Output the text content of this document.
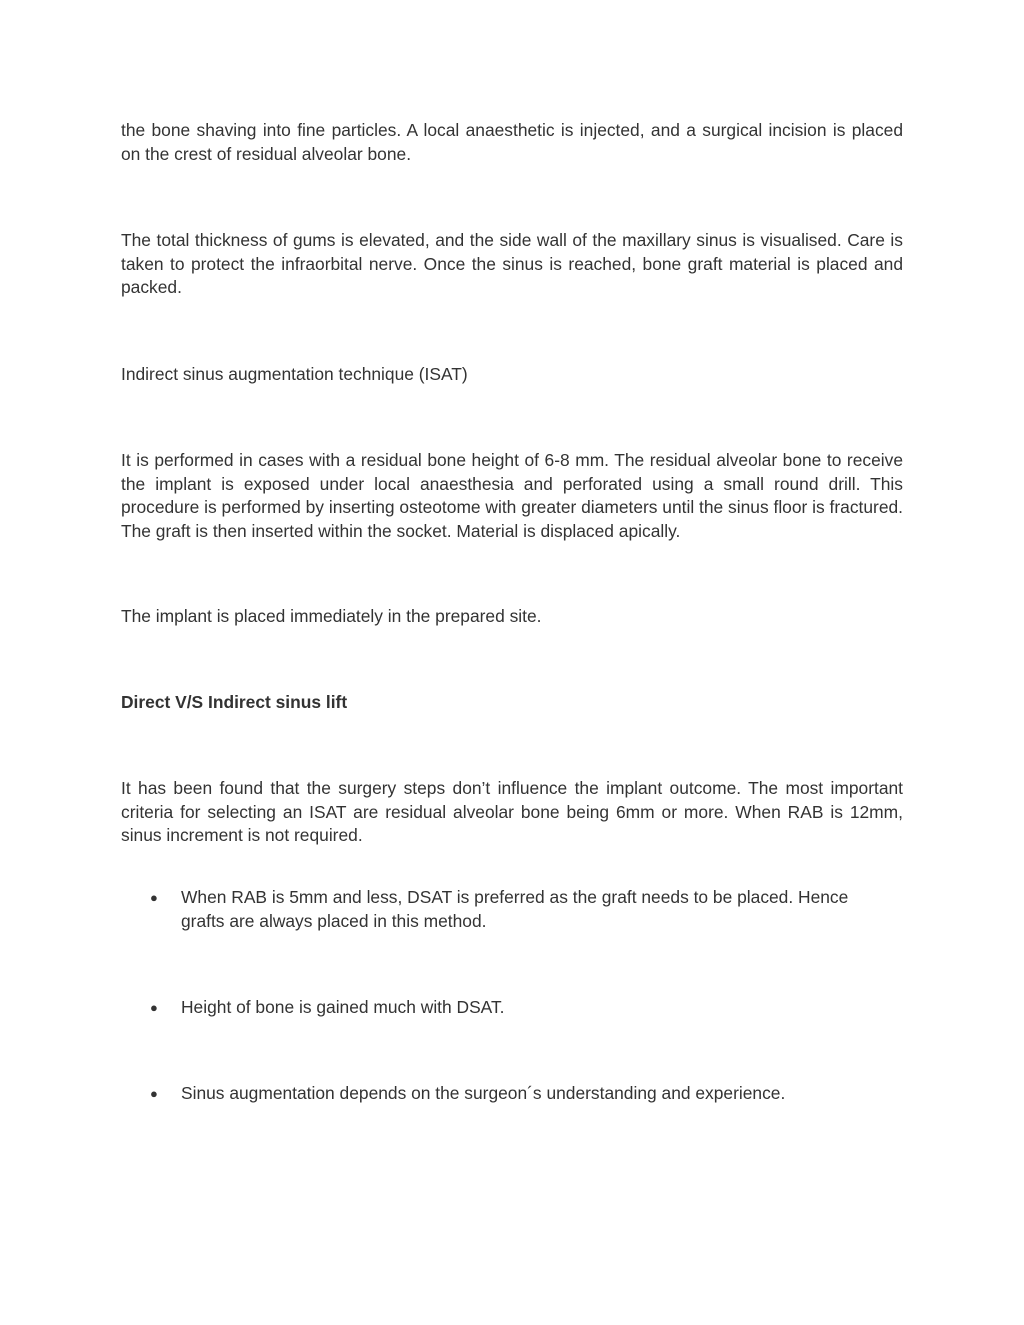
the bone shaving into fine particles. A local anaesthetic is injected, and a surgical incision is placed on the crest of residual alveolar bone.

The total thickness of gums is elevated, and the side wall of the maxillary sinus is visualised. Care is taken to protect the infraorbital nerve. Once the sinus is reached, bone graft material is placed and packed.

Indirect sinus augmentation technique (ISAT)

It is performed in cases with a residual bone height of 6-8 mm. The residual alveolar bone to receive the implant is exposed under local anaesthesia and perforated using a small round drill. This procedure is performed by inserting osteotome with greater diameters until the sinus floor is fractured. The graft is then inserted within the socket. Material is displaced apically.

The implant is placed immediately in the prepared site.

Direct V/S Indirect sinus lift

It has been found that the surgery steps don’t influence the implant outcome. The most important criteria for selecting an ISAT are residual alveolar bone being 6mm or more. When RAB is 12mm, sinus increment is not required.

●	When RAB is 5mm and less, DSAT is preferred as the graft needs to be placed. Hence grafts are always placed in this method.
●	Height of bone is gained much with DSAT.
●	Sinus augmentation depends on the surgeon´s understanding and experience.
